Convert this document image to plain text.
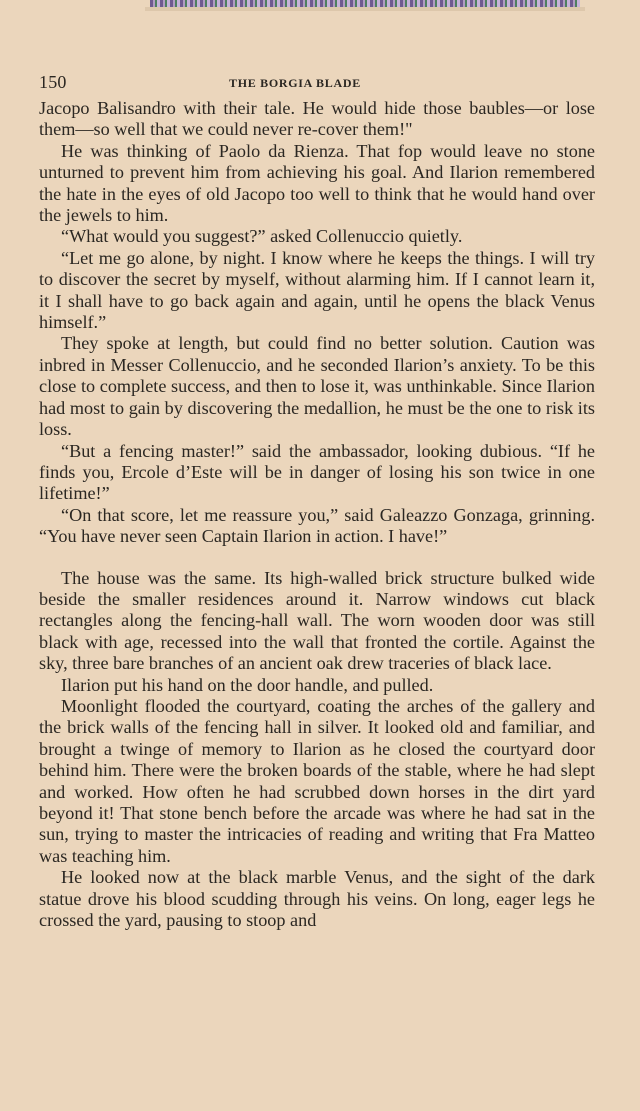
150	THE BORGIA BLADE

Jacopo Balisandro with their tale. He would hide those baubles—or lose them—so well that we could never re-cover them!"

He was thinking of Paolo da Rienza. That fop would leave no stone unturned to prevent him from achieving his goal. And Ilarion remembered the hate in the eyes of old Jacopo too well to think that he would hand over the jewels to him.

“What would you suggest?” asked Collenuccio quietly.

“Let me go alone, by night. I know where he keeps the things. I will try to discover the secret by myself, without alarming him. If I cannot learn it, it I shall have to go back again and again, until he opens the black Venus himself.”

They spoke at length, but could find no better solution. Caution was inbred in Messer Collenuccio, and he seconded Ilarion’s anxiety. To be this close to complete success, and then to lose it, was unthinkable. Since Ilarion had most to gain by discovering the medallion, he must be the one to risk its loss.

“But a fencing master!” said the ambassador, looking dubious. “If he finds you, Ercole d’Este will be in danger of losing his son twice in one lifetime!”

“On that score, let me reassure you,” said Galeazzo Gonzaga, grinning. “You have never seen Captain Ilarion in action. I have!”

The house was the same. Its high-walled brick structure bulked wide beside the smaller residences around it. Narrow windows cut black rectangles along the fencing-hall wall. The worn wooden door was still black with age, recessed into the wall that fronted the cortile. Against the sky, three bare branches of an ancient oak drew traceries of black lace.

Ilarion put his hand on the door handle, and pulled.

Moonlight flooded the courtyard, coating the arches of the gallery and the brick walls of the fencing hall in silver. It looked old and familiar, and brought a twinge of memory to Ilarion as he closed the courtyard door behind him. There were the broken boards of the stable, where he had slept and worked. How often he had scrubbed down horses in the dirt yard beyond it! That stone bench before the arcade was where he had sat in the sun, trying to master the intricacies of reading and writing that Fra Matteo was teaching him.

He looked now at the black marble Venus, and the sight of the dark statue drove his blood scudding through his veins. On long, eager legs he crossed the yard, pausing to stoop and
